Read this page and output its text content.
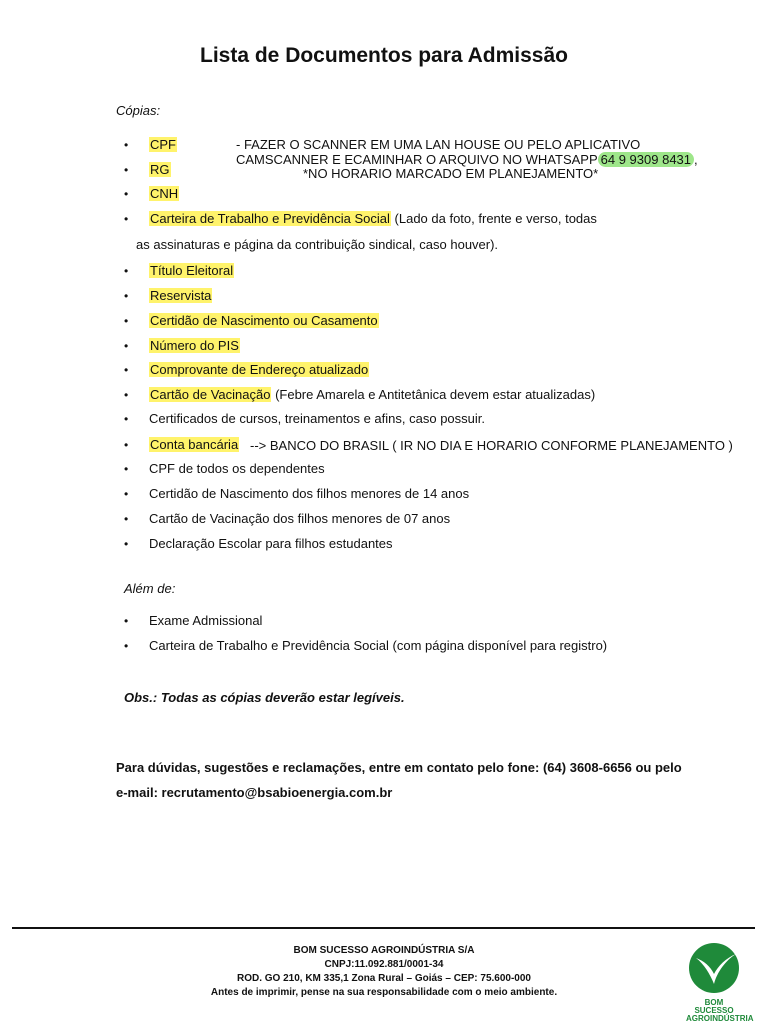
Lista de Documentos para Admissão
Cópias:
• CPF
• RG
• CNH
• Carteira de Trabalho e Previdência Social (Lado da foto, frente e verso, todas
as assinaturas e página da contribuição sindical, caso houver).
• Título Eleitoral
• Reservista
• Certidão de Nascimento ou Casamento
• Número do PIS
• Comprovante de Endereço atualizado
• Cartão de Vacinação (Febre Amarela e Antitetânica devem estar atualizadas)
• Certificados de cursos, treinamentos e afins, caso possuir.
• Conta bancária
• CPF de todos os dependentes
• Certidão de Nascimento dos filhos menores de 14 anos
• Cartão de Vacinação dos filhos menores de 07 anos
• Declaração Escolar para filhos estudantes
- FAZER O SCANNER EM UMA LAN HOUSE OU PELO APLICATIVO
CAMSCANNER E ECAMINHAR O ARQUIVO NO WHATSAPP 64 9 9309 8431 ,
*NO HORARIO MARCADO EM PLANEJAMENTO*
--> BANCO DO BRASIL ( IR NO DIA E HORARIO CONFORME PLANEJAMENTO )
Além de:
• Exame Admissional
• Carteira de Trabalho e Previdência Social (com página disponível para registro)
Obs.: Todas as cópias deverão estar legíveis.
Para dúvidas, sugestões e reclamações, entre em contato pelo fone: (64) 3608-6656 ou pelo
e-mail: recrutamento@bsabioenergia.com.br
BOM SUCESSO AGROINDÚSTRIA S/A
CNPJ:11.092.881/0001-34
ROD. GO 210, KM 335,1 Zona Rural – Goiás – CEP: 75.600-000
Antes de imprimir, pense na sua responsabilidade com o meio ambiente.
BOM SUCESSO
AGROINDÚSTRIA
